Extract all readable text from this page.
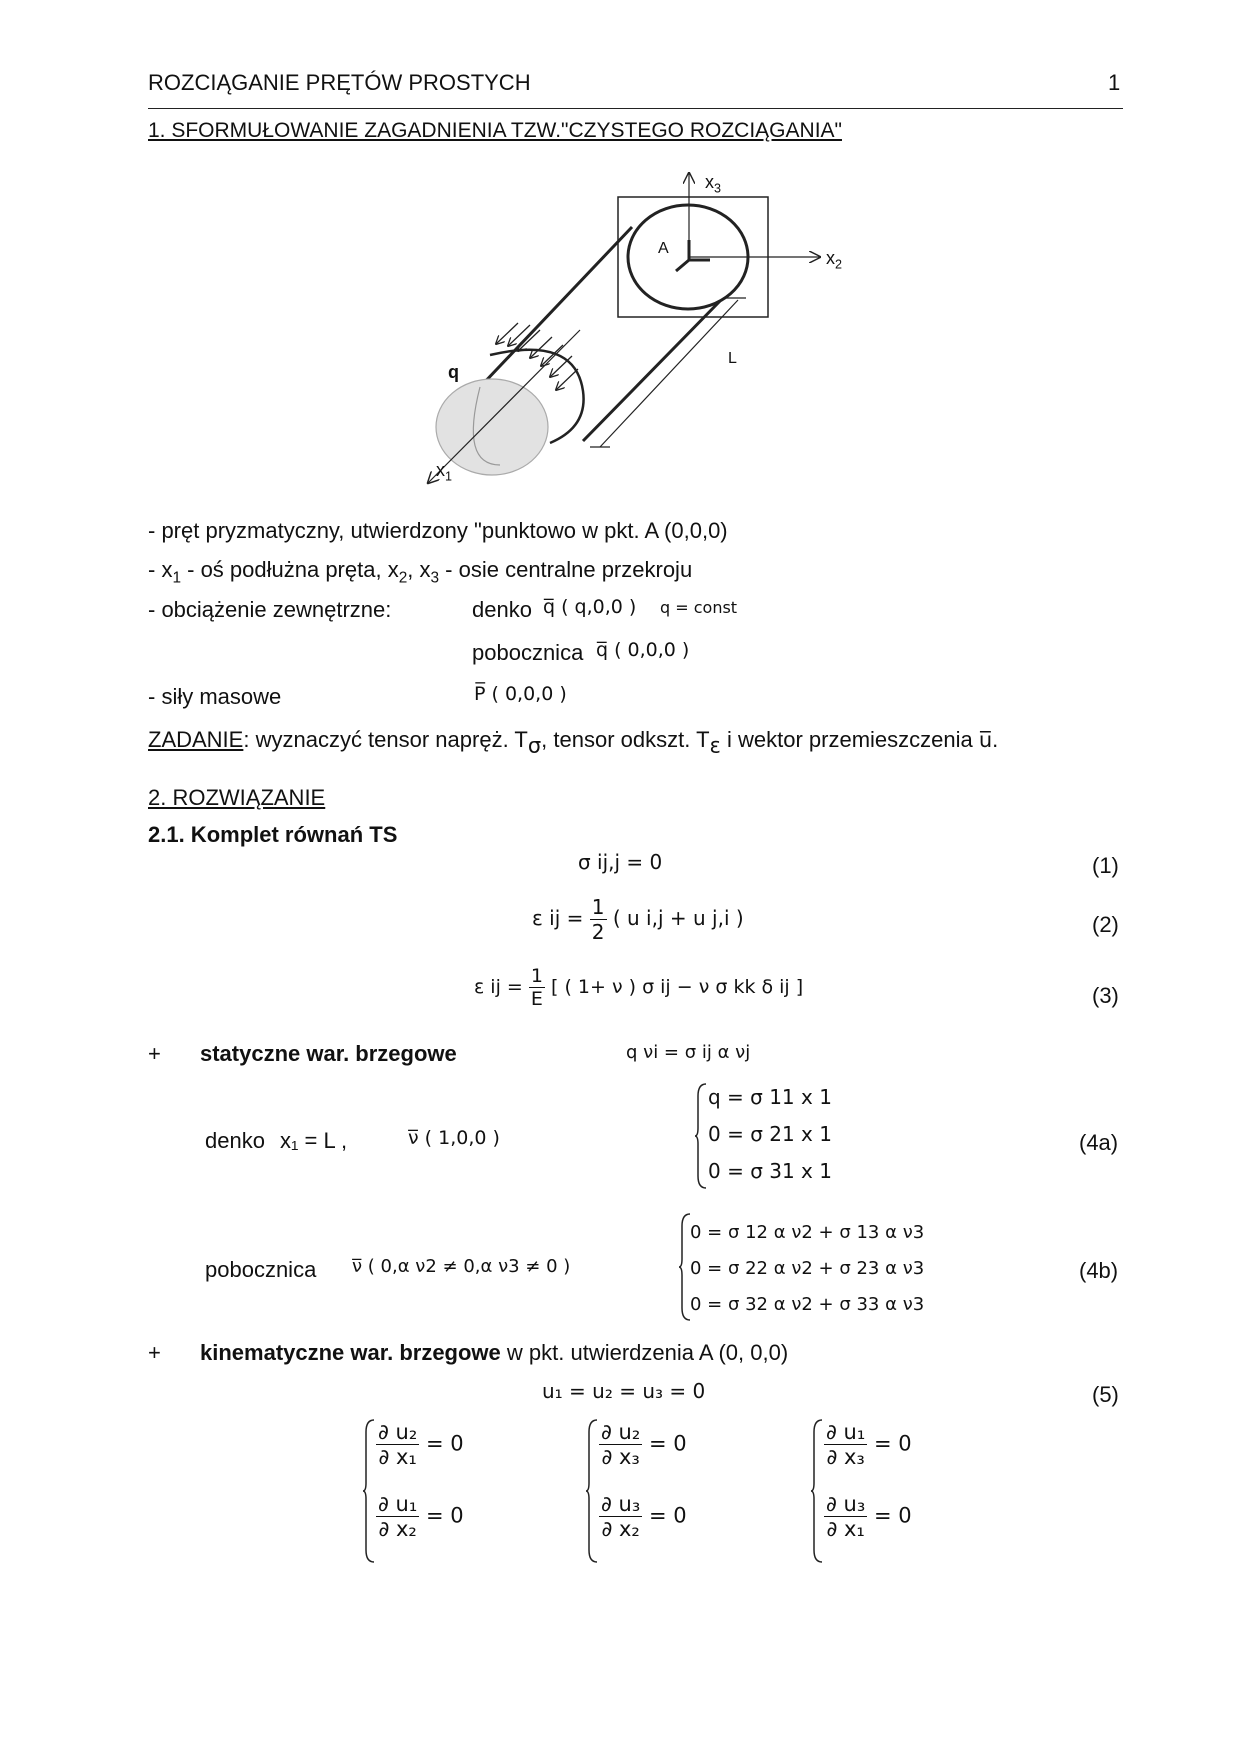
ROZCIĄGANIE PRĘTÓW PROSTYCH	1
1. SFORMUŁOWANIE ZAGADNIENIA TZW."CZYSTEGO ROZCIĄGANIA"
$x_3$
$x_2$
$x_1$
A
L
q
- pręt pryzmatyczny, utwierdzony "punktowo w pkt. A (0,0,0)
- $x_1$ - oś podłużna pręta, $x_2$, $x_3$ - osie centralne przekroju
- obciążenie zewnętrzne:	denko q̅ ( q,0,0 ) q = const
pobocznica q̅ ( 0,0,0 )
- siły masowe	P̅ ( 0,0,0 )
ZADANIE: wyznaczyć tensor napręż. $T_\sigma$, tensor odkszt. $T_\varepsilon$ i wektor przemieszczenia u̅.
2. ROZWIĄZANIE
2.1. Komplet równań TS
σ ij,j = 0	(1)
ε ij = $\frac{1}{2}$ ( u i,j + u j,i )	(2)
ε ij = $\frac{1}{E}$ [ ( 1+ ν ) σ ij − ν σ kk δ ij ]	(3)
+ statyczne war. brzegowe	q νi = σ ij α νj
denko x₁ = L ,	ν̅ ( 1,0,0 )
q = σ 11 x 1
0 = σ 21 x 1
0 = σ 31 x 1
(4a)
pobocznica ν̅ ( 0,α ν2 ≠ 0,α ν3 ≠ 0 )
0 = σ 12 α ν2 + σ 13 α ν3
0 = σ 22 α ν2 + σ 23 α ν3
0 = σ 32 α ν2 + σ 33 α ν3
(4b)
+ kinematyczne war. brzegowe w pkt. utwierdzenia A (0, 0,0)
u₁ = u₂ = u₃ = 0	(5)
$\frac{\text{∂ u₂}}{\text{∂ x₁}} = 0$
$\frac{\text{∂ u₁}}{\text{∂ x₂}} = 0$
$\frac{\text{∂ u₂}}{\text{∂ x₃}} = 0$
$\frac{\text{∂ u₃}}{\text{∂ x₂}} = 0$
$\frac{\text{∂ u₁}}{\text{∂ x₃}} = 0$
$\frac{\text{∂ u₃}}{\text{∂ x₁}} = 0$
